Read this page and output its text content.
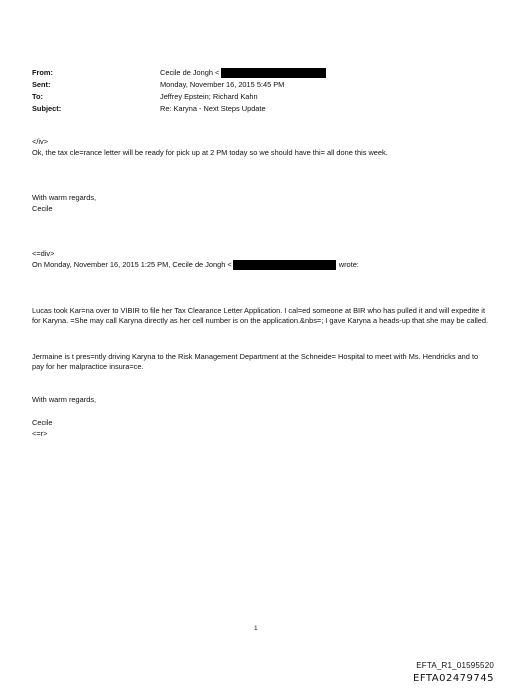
From:	Cecile de Jongh <
Sent:	Monday, November 16, 2015 5:45 PM
To:	Jeffrey Epstein; Richard Kahn
Subject:	Re: Karyna - Next Steps Update
</iv>
Ok, the tax cle=rance letter will be ready for pick up at 2 PM today so we should have thi= all done this week.
With warm regards,
Cecile
<=div>
On Monday, November 16, 2015 1:25 PM, Cecile de Jongh <	wrote:
Lucas took Kar=na over to VIBIR to file her Tax Clearance Letter Application. I cal=ed someone at BIR who has pulled it and will expedite it for Karyna. =She may call Karyna directly as her cell number is on the application.&nbs=; I gave Karyna a heads-up that she may be called.
Jermaine is t pres=ntly driving Karyna to the Risk Management Department at the Schneide= Hospital to meet with Ms. Hendricks and to pay for her malpractice insura=ce.
With warm regards,
Cecile
<=r>
1
EFTA_R1_01595520
EFTA02479745
